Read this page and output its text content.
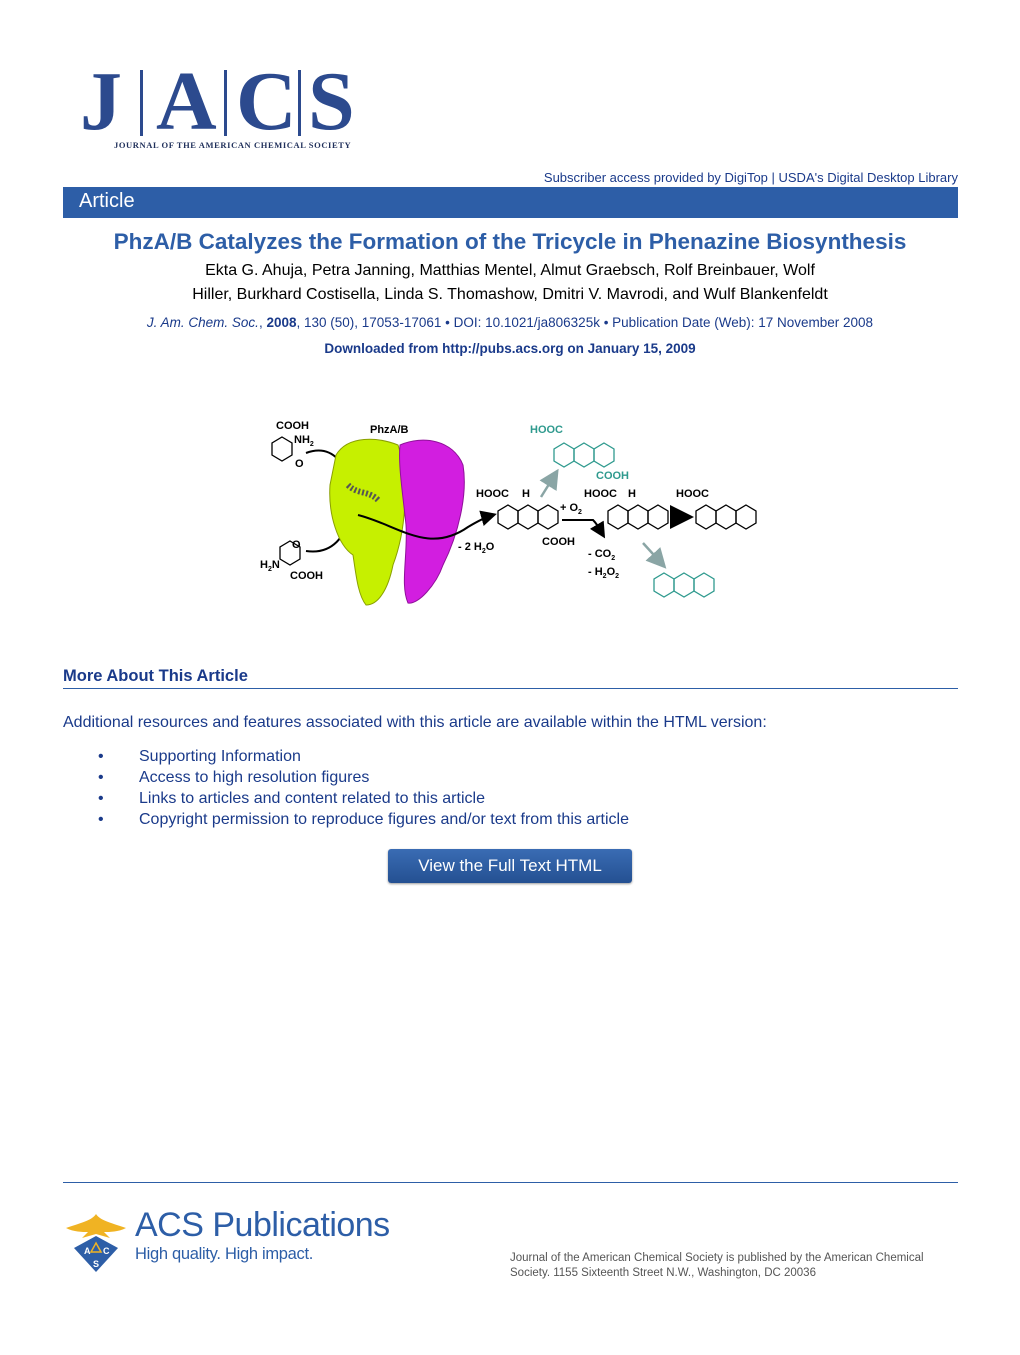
J A C S
JOURNAL OF THE AMERICAN CHEMICAL SOCIETY
Subscriber access provided by DigiTop | USDA's Digital Desktop Library
Article
PhzA/B Catalyzes the Formation of the Tricycle in Phenazine Biosynthesis
Ekta G. Ahuja, Petra Janning, Matthias Mentel, Almut Graebsch, Rolf Breinbauer, Wolf
Hiller, Burkhard Costisella, Linda S. Thomashow, Dmitri V. Mavrodi, and Wulf Blankenfeldt
J. Am. Chem. Soc., 2008, 130 (50), 17053-17061 • DOI: 10.1021/ja806325k • Publication Date (Web): 17 November 2008
Downloaded from http://pubs.acs.org on January 15, 2009
COOH
$NH_2$
O
O
$H_2N$
COOH
PhzA/B
- 2 $H_2O$
HOOC
COOH
HOOC H
COOH
+ $O_2$
- $CO_2$
- $H_2O_2$
HOOC H	HOOC
More About This Article
Additional resources and features associated with this article are available within the HTML version:
• Supporting Information
• Access to high resolution figures
• Links to articles and content related to this article
• Copyright permission to reproduce figures and/or text from this article
View the Full Text HTML
A C
S
ACS Publications
High quality. High impact.	Journal of the American Chemical Society is published by the American Chemical Society. 1155 Sixteenth Street N.W., Washington, DC 20036
